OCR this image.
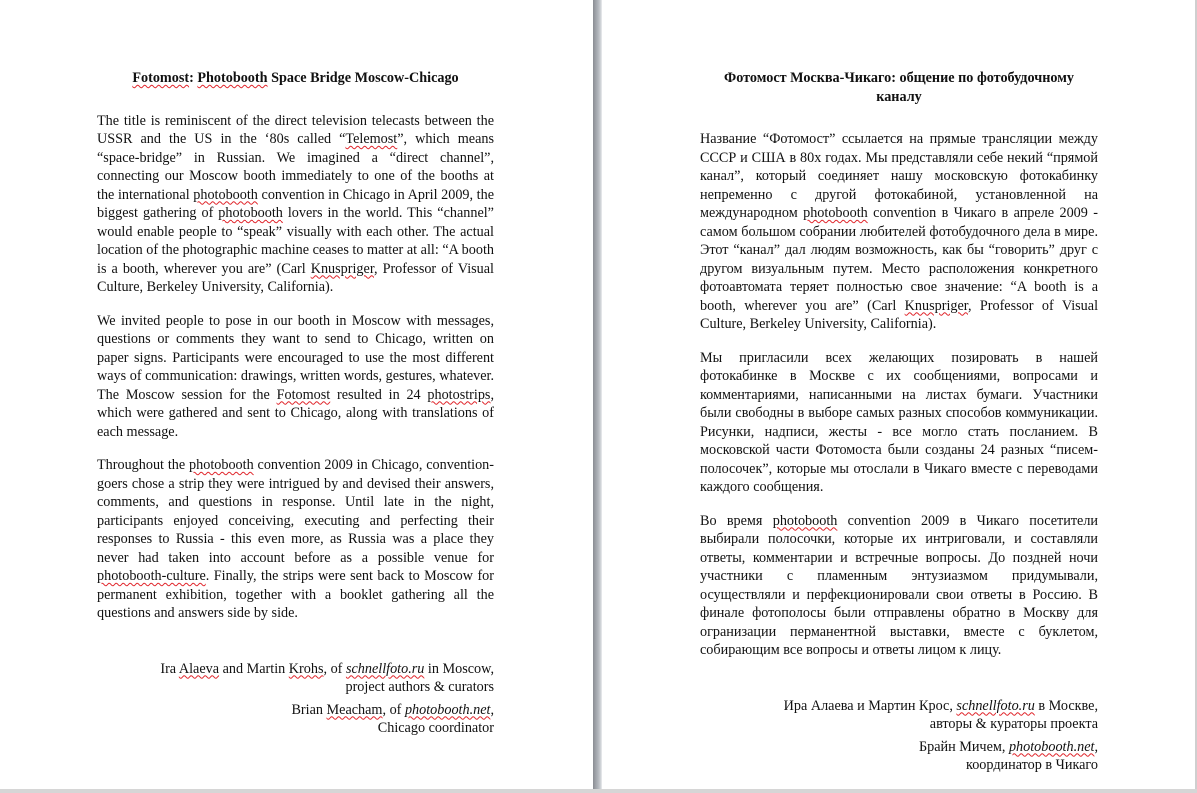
Fotomost: Photobooth Space Bridge Moscow-Chicago

The title is reminiscent of the direct television telecasts between the USSR and the US in the ‘80s called “Telemost”, which means “space-bridge” in Russian. We imagined a “direct channel”, connecting our Moscow booth immediately to one of the booths at the international photobooth convention in Chicago in April 2009, the biggest gathering of photobooth lovers in the world. This “channel” would enable people to “speak” visually with each other. The actual location of the photographic machine ceases to matter at all: “A booth is a booth, wherever you are” (Carl Knuspriger, Professor of Visual Culture, Berkeley University, California).

We invited people to pose in our booth in Moscow with messages, questions or comments they want to send to Chicago, written on paper signs. Participants were encouraged to use the most different ways of communication: drawings, written words, gestures, whatever. The Moscow session for the Fotomost resulted in 24 photostrips, which were gathered and sent to Chicago, along with translations of each message.

Throughout the photobooth convention 2009 in Chicago, convention-goers chose a strip they were intrigued by and devised their answers, comments, and questions in response. Until late in the night, participants enjoyed conceiving, executing and perfecting their responses to Russia - this even more, as Russia was a place they never had taken into account before as a possible venue for photobooth-culture. Finally, the strips were sent back to Moscow for permanent exhibition, together with a booklet gathering all the questions and answers side by side.

Ira Alaeva and Martin Krohs, of schnellfoto.ru in Moscow,
project authors & curators
Brian Meacham, of photobooth.net,
Chicago coordinator
Фотомост Москва-Чикаго: общение по фотобудочному каналу

Название “Фотомост” ссылается на прямые трансляции между СССР и США в 80х годах. Мы представляли себе некий “прямой канал”, который соединяет нашу московскую фотокабинку непременно с другой фотокабиной, установленной на международном photobooth convention в Чикаго в апреле 2009 - самом большом собрании любителей фотобудочного дела в мире. Этот “канал” дал людям возможность, как бы “говорить” друг с другом визуальным путем. Место расположения конкретного фотоавтомата теряет полностью свое значение: “A booth is a booth, wherever you are” (Carl Knuspriger, Professor of Visual Culture, Berkeley University, California).

Мы пригласили всех желающих позировать в нашей фотокабинке в Москве с их сообщениями, вопросами и комментариями, написанными на листах бумаги. Участники были свободны в выборе самых разных способов коммуникации. Рисунки, надписи, жесты - все могло стать посланием. В московской части Фотомоста были созданы 24 разных “писем-полосочек”, которые мы отослали в Чикаго вместе с переводами каждого сообщения.

Во время photobooth convention 2009 в Чикаго посетители выбирали полосочки, которые их интриговали, и составляли ответы, комментарии и встречные вопросы. До поздней ночи участники с пламенным энтузиазмом придумывали, осуществляли и перфекционировали свои ответы в Россию. В финале фотополосы были отправлены обратно в Москву для огранизации перманентной выставки, вместе с буклетом, собирающим все вопросы и ответы лицом к лицу.

Ира Алаева и Мартин Крос, schnellfoto.ru в Москве,
авторы & кураторы проекта
Брайн Мичем, photobooth.net,
координатор в Чикаго
